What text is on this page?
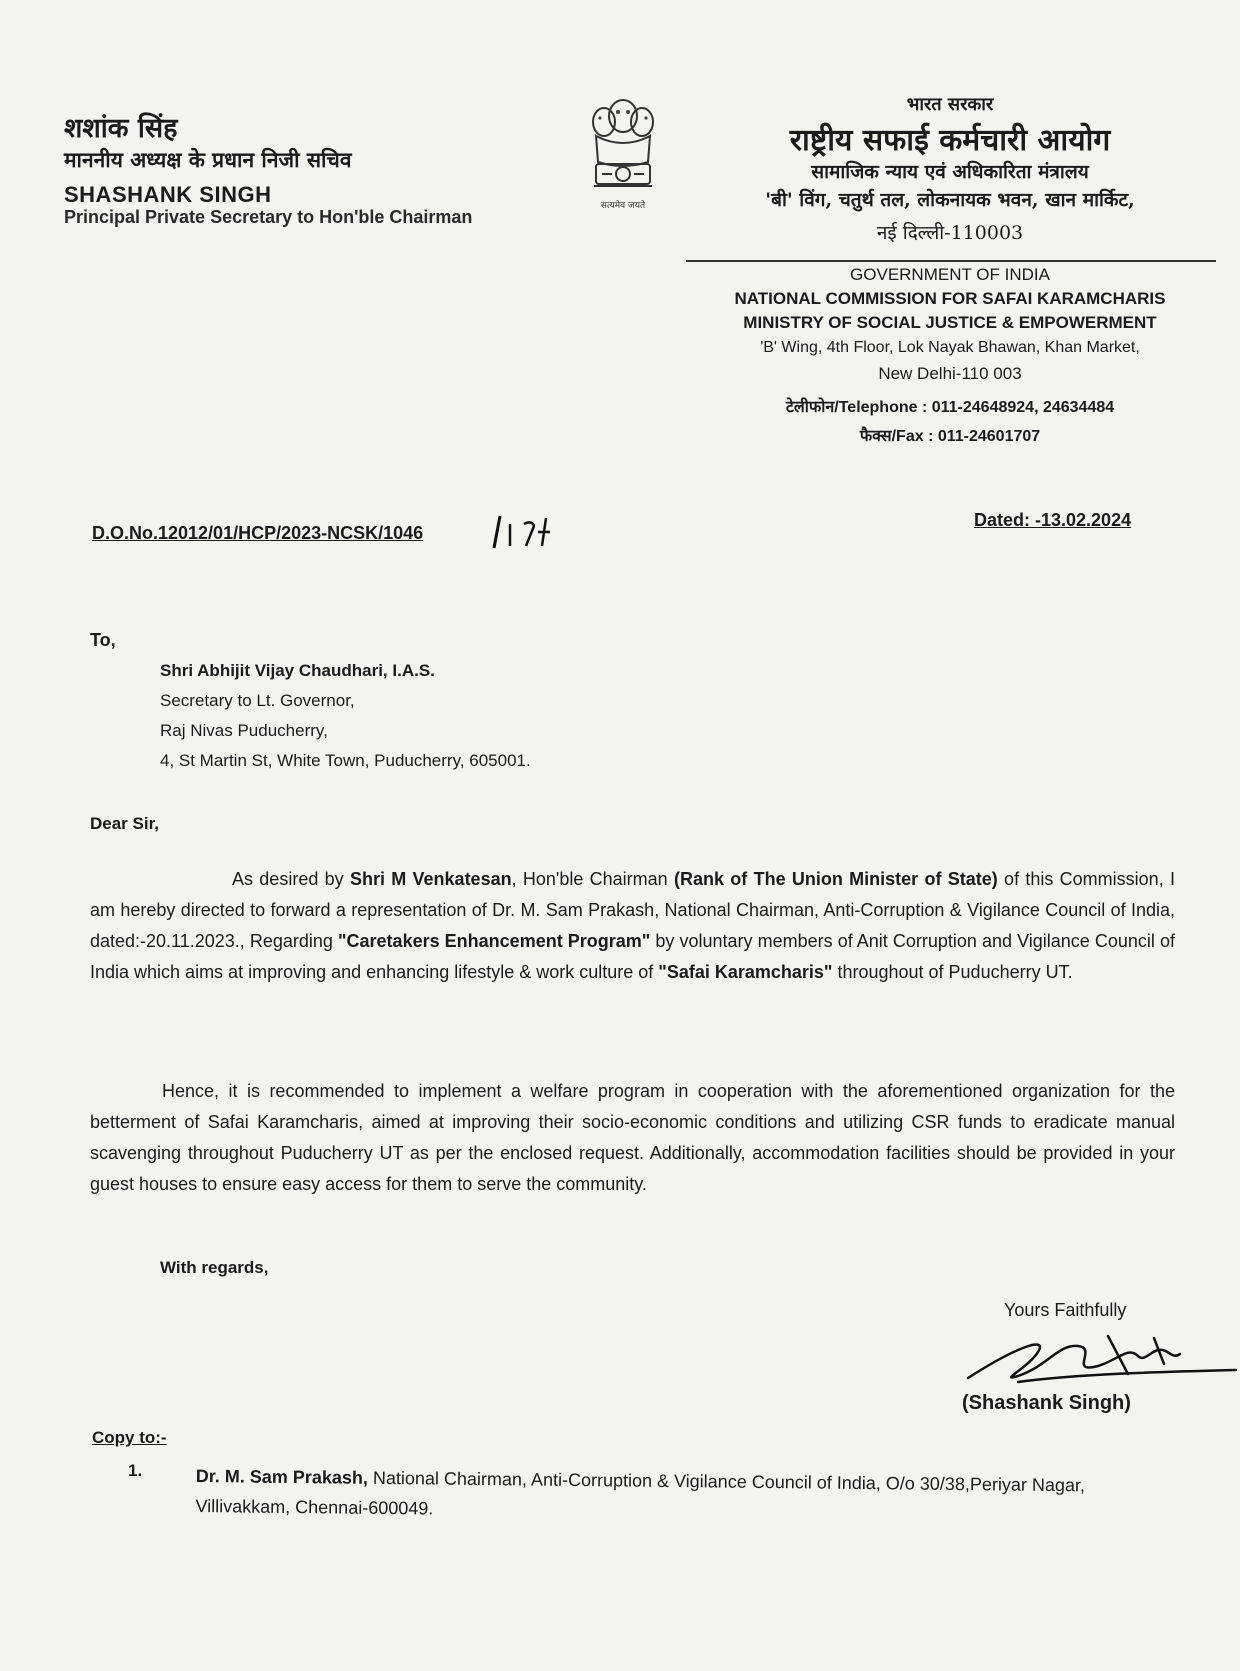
शशांक सिंह

माननीय अध्यक्ष के प्रधान निजी सचिव

SHASHANK SINGH

Principal Private Secretary to Hon'ble Chairman

सत्यमेव जयते

भारत सरकार

राष्ट्रीय सफाई कर्मचारी आयोग

सामाजिक न्याय एवं अधिकारिता मंत्रालय

'बी' विंग, चतुर्थ तल, लोकनायक भवन, खान मार्किट,

नई दिल्ली-110003

GOVERNMENT OF INDIA

NATIONAL COMMISSION FOR SAFAI KARAMCHARIS

MINISTRY OF SOCIAL JUSTICE & EMPOWERMENT

'B' Wing, 4th Floor, Lok Nayak Bhawan, Khan Market,

New Delhi-110 003

टेलीफोन/Telephone : 011-24648924, 24634484

फैक्स/Fax : 011-24601707

D.O.No.12012/01/HCP/2023-NCSK/1046

/ 171	Dated: -13.02.2024

To,

Shri Abhijit Vijay Chaudhari, I.A.S.
Secretary to Lt. Governor,
Raj Nivas Puducherry,
4, St Martin St, White Town, Puducherry, 605001.

Dear Sir,

As desired by Shri M Venkatesan, Hon'ble Chairman (Rank of The Union Minister of State) of this Commission, I am hereby directed to forward a representation of Dr. M. Sam Prakash, National Chairman, Anti-Corruption & Vigilance Council of India, dated:-20.11.2023., Regarding "Caretakers Enhancement Program" by voluntary members of Anit Corruption and Vigilance Council of India which aims at improving and enhancing lifestyle & work culture of "Safai Karamcharis" throughout of Puducherry UT.

Hence, it is recommended to implement a welfare program in cooperation with the aforementioned organization for the betterment of Safai Karamcharis, aimed at improving their socio-economic conditions and utilizing CSR funds to eradicate manual scavenging throughout Puducherry UT as per the enclosed request. Additionally, accommodation facilities should be provided in your guest houses to ensure easy access for them to serve the community.

With regards,

Yours Faithfully

(Shashank Singh)

Copy to:-

1.	Dr. M. Sam Prakash, National Chairman, Anti-Corruption & Vigilance Council of India, O/o 30/38,Periyar Nagar, Villivakkam, Chennai-600049.
